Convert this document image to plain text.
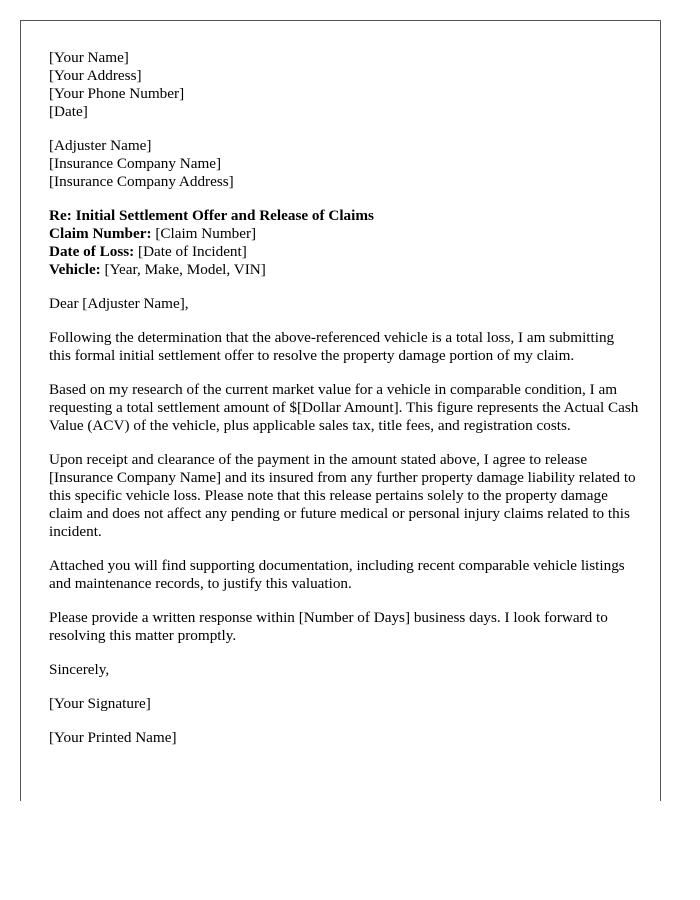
[Your Name]
[Your Address]
[Your Phone Number]
[Date]
[Adjuster Name]
[Insurance Company Name]
[Insurance Company Address]
Re: Initial Settlement Offer and Release of Claims
Claim Number: [Claim Number]
Date of Loss: [Date of Incident]
Vehicle: [Year, Make, Model, VIN]

Dear [Adjuster Name],

Following the determination that the above-referenced vehicle is a total loss, I am submitting this formal initial settlement offer to resolve the property damage portion of my claim.

Based on my research of the current market value for a vehicle in comparable condition, I am requesting a total settlement amount of $[Dollar Amount]. This figure represents the Actual Cash Value (ACV) of the vehicle, plus applicable sales tax, title fees, and registration costs.

Upon receipt and clearance of the payment in the amount stated above, I agree to release [Insurance Company Name] and its insured from any further property damage liability related to this specific vehicle loss. Please note that this release pertains solely to the property damage claim and does not affect any pending or future medical or personal injury claims related to this incident.

Attached you will find supporting documentation, including recent comparable vehicle listings and maintenance records, to justify this valuation.

Please provide a written response within [Number of Days] business days. I look forward to resolving this matter promptly.

Sincerely,

[Your Signature]

[Your Printed Name]
